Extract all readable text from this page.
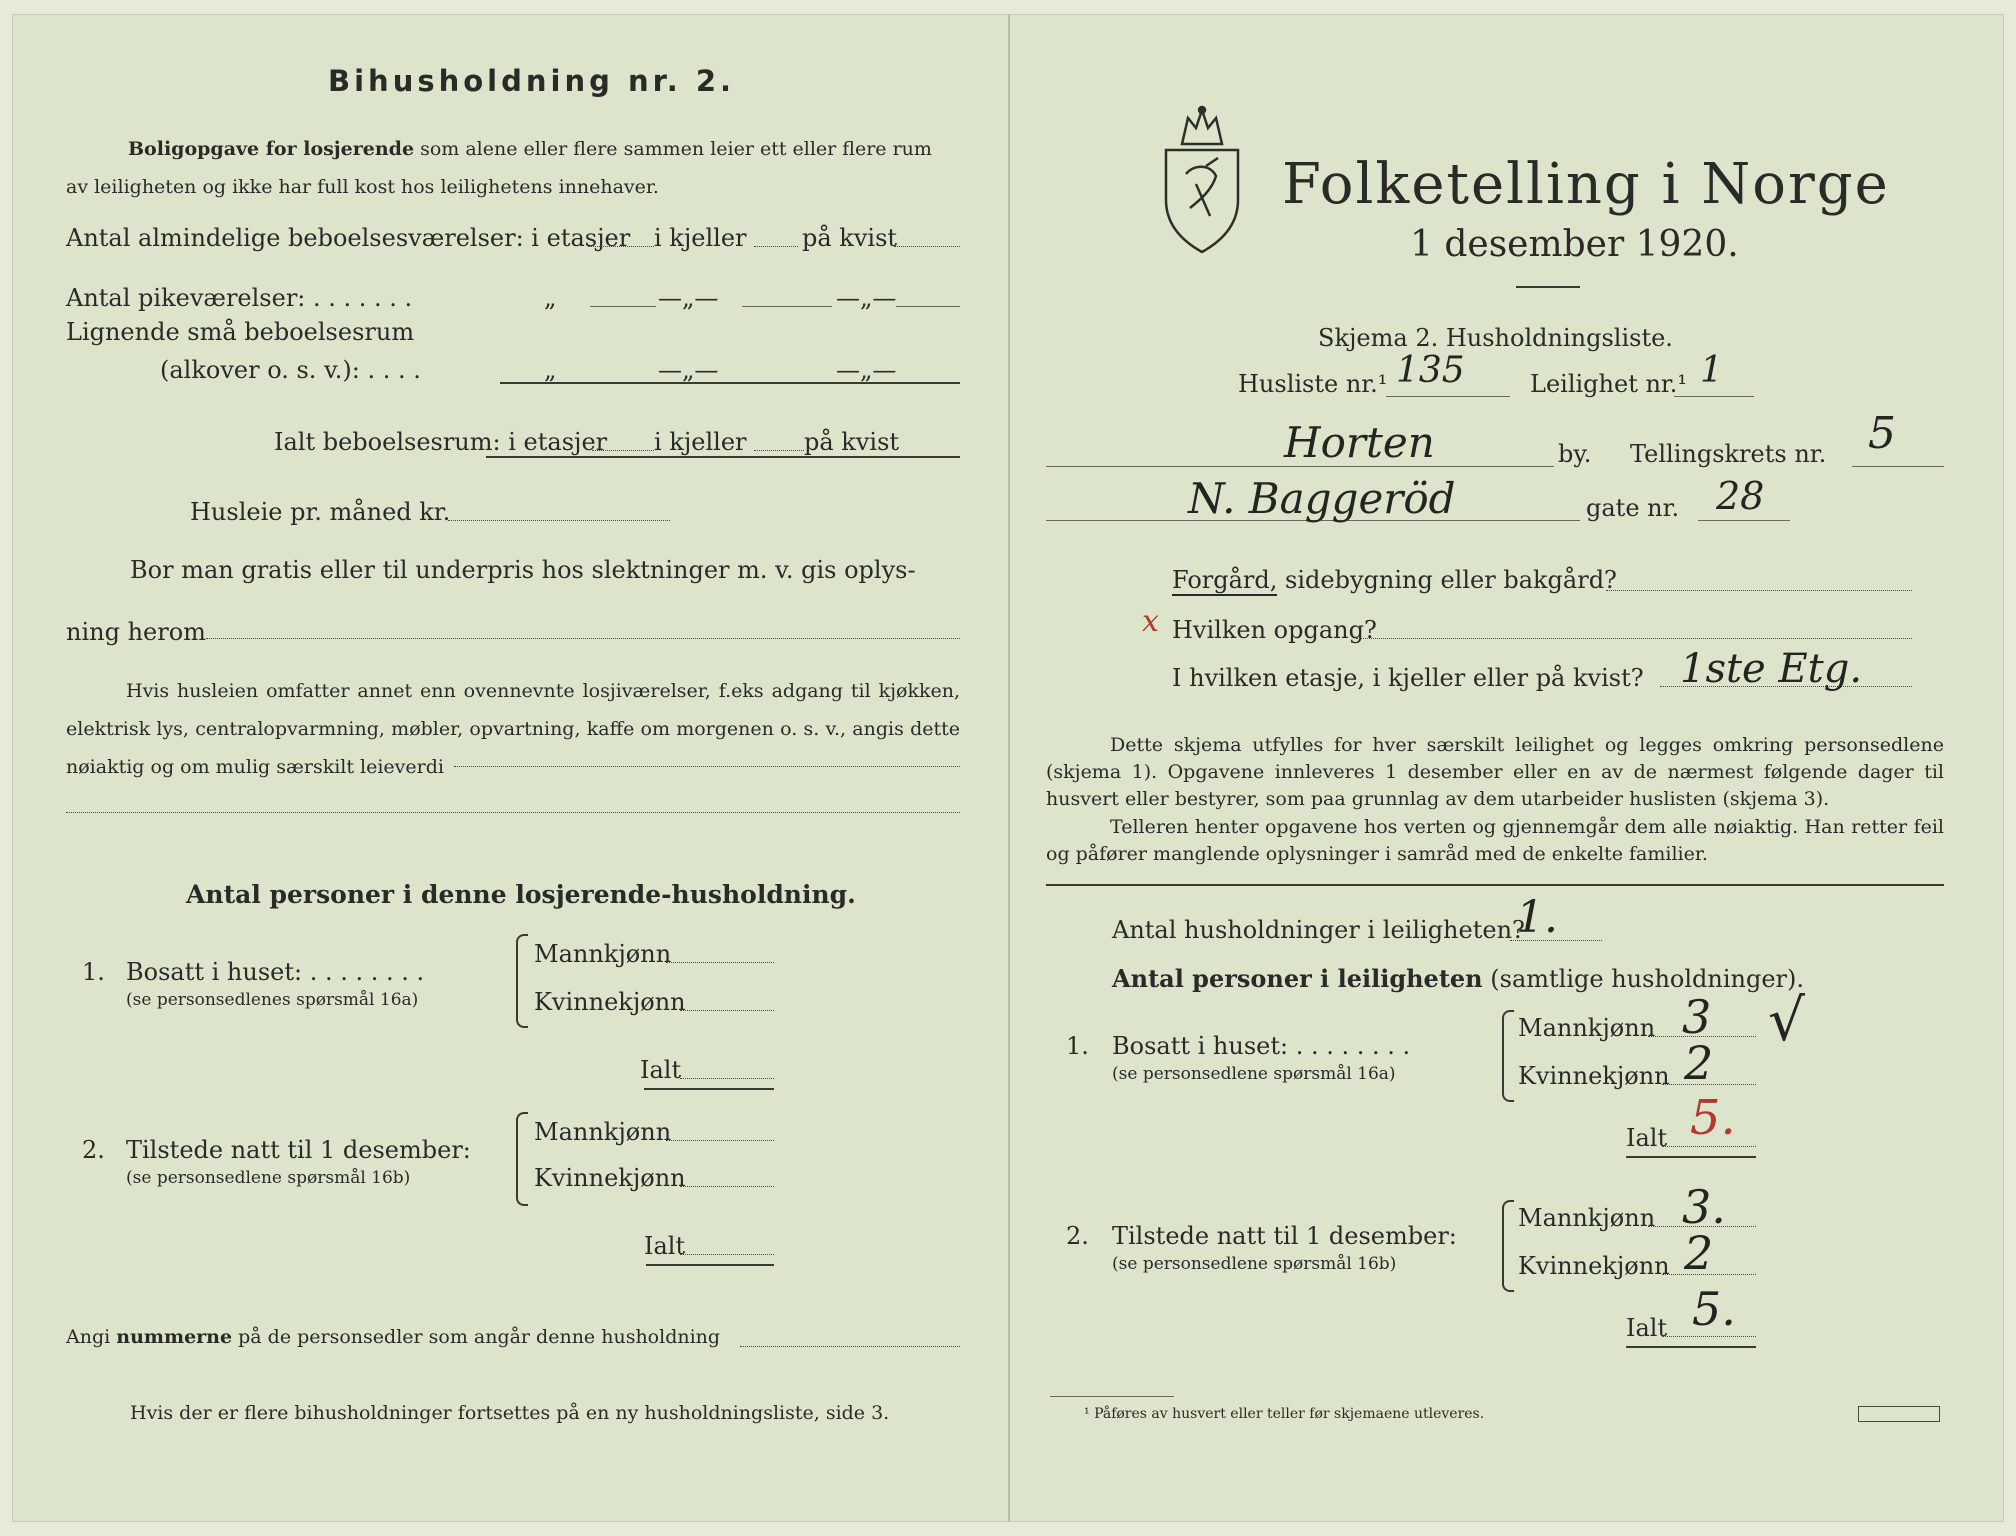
Bihusholdning nr. 2.
Boligopgave for losjerende som alene eller flere sammen leier ett eller flere rum
av leiligheten og ikke har full kost hos leilighetens innehaver.
Antal almindelige beboelsesværelser: i etasjer i kjeller på kvist
Antal pikeværelser: . . . . . . .	„	—„—	—„—
Lignende små beboelsesrum
(alkover o. s. v.): . . . .	„	—„—	—„—
Ialt beboelsesrum: i etasjer i kjeller på kvist
Husleie pr. måned kr.
Bor man gratis eller til underpris hos slektninger m. v. gis oplys-
ning herom
Hvis husleien omfatter annet enn ovennevnte losjiværelser, f.eks adgang til kjøkken, elektrisk lys, centralopvarmning, møbler, opvartning, kaffe om morgenen o. s. v., angis dette nøiaktig og om mulig særskilt leieverdi
Antal personer i denne losjerende-husholdning.
1. Bosatt i huset: . . . . . . . .
(se personsedlenes spørsmål 16a)
Mannkjønn
Kvinnekjønn
Ialt
2. Tilstede natt til 1 desember:
(se personsedlene spørsmål 16b)
Mannkjønn
Kvinnekjønn
Ialt
Angi nummerne på de personsedler som angår denne husholdning
Hvis der er flere bihusholdninger fortsettes på en ny husholdningsliste, side 3.
Folketelling i Norge
1 desember 1920.
Skjema 2. Husholdningsliste.
Husliste nr.¹ 135	Leilighet nr.¹ 1
Horten	by. Tellingskrets nr. 5
N. Baggeröd	gate nr. 28
Forgård, sidebygning eller bakgård?
x Hvilken opgang?
I hvilken etasje, i kjeller eller på kvist? 1ste Etg.
Dette skjema utfylles for hver særskilt leilighet og legges omkring personsedlene (skjema 1). Opgavene innleveres 1 desember eller en av de nærmest følgende dager til husvert eller bestyrer, som paa grunnlag av dem utarbeider huslisten (skjema 3).
Telleren henter opgavene hos verten og gjennemgår dem alle nøiaktig. Han retter feil og påfører manglende oplysninger i samråd med de enkelte familier.
Antal husholdninger i leiligheten?
1.
Antal personer i leiligheten (samtlige husholdninger).
1. Bosatt i huset: . . . . . . . .
(se personsedlene spørsmål 16a)
Mannkjønn 3
Kvinnekjønn 2
√
Ialt 5.
2. Tilstede natt til 1 desember:
(se personsedlene spørsmål 16b)
Mannkjønn 3.
Kvinnekjønn 2
Ialt 5.
¹ Påføres av husvert eller teller før skjemaene utleveres.
